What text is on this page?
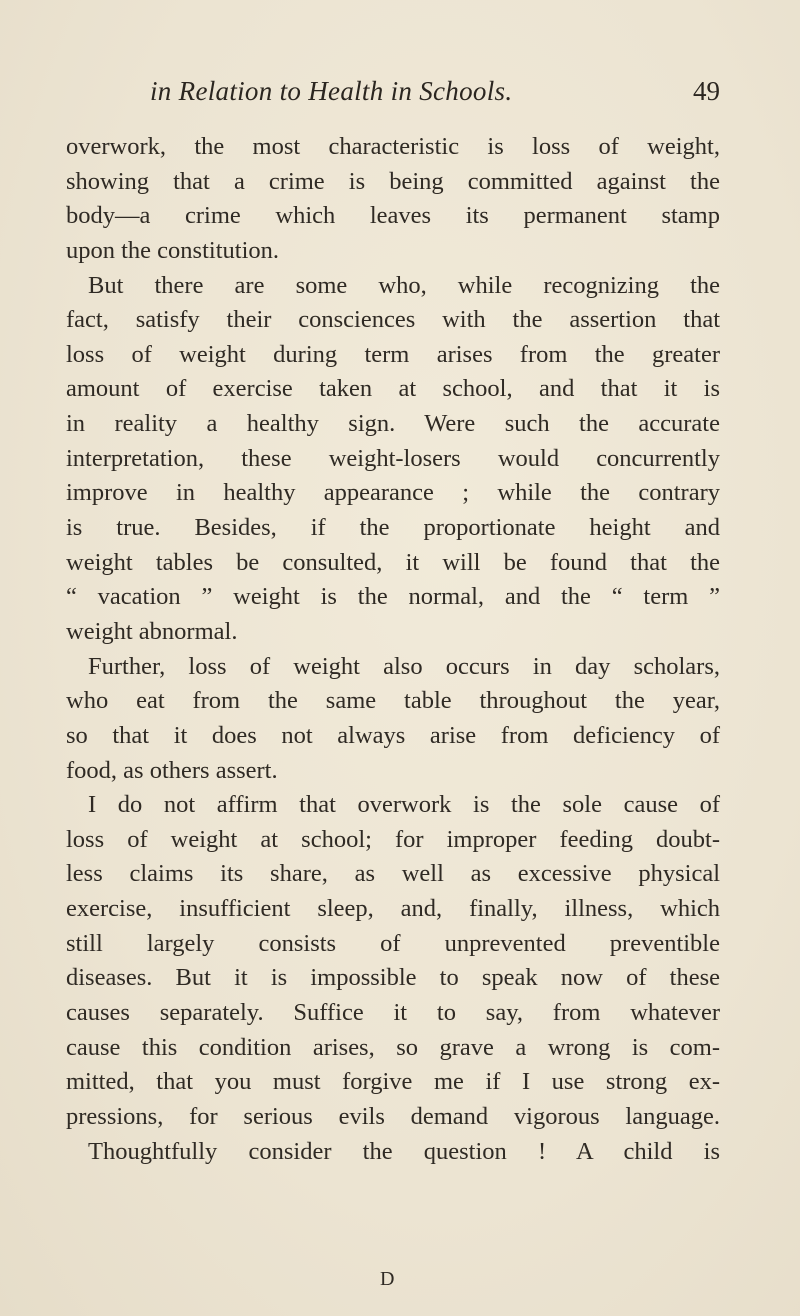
in Relation to Health in Schools.	49
overwork, the most characteristic is loss of weight,
showing that a crime is being committed against the
body—a crime which leaves its permanent stamp
upon the constitution.
But there are some who, while recognizing the
fact, satisfy their consciences with the assertion that
loss of weight during term arises from the greater
amount of exercise taken at school, and that it is
in reality a healthy sign. Were such the accurate
interpretation, these weight-losers would concurrently
improve in healthy appearance ; while the contrary
is true. Besides, if the proportionate height and
weight tables be consulted, it will be found that the
“ vacation ” weight is the normal, and the “ term ”
weight abnormal.
Further, loss of weight also occurs in day scholars,
who eat from the same table throughout the year,
so that it does not always arise from deficiency of
food, as others assert.
I do not affirm that overwork is the sole cause of
loss of weight at school; for improper feeding doubt-
less claims its share, as well as excessive physical
exercise, insufficient sleep, and, finally, illness, which
still largely consists of unprevented preventible
diseases. But it is impossible to speak now of these
causes separately. Suffice it to say, from whatever
cause this condition arises, so grave a wrong is com-
mitted, that you must forgive me if I use strong ex-
pressions, for serious evils demand vigorous language.
Thoughtfully consider the question ! A child is
D
